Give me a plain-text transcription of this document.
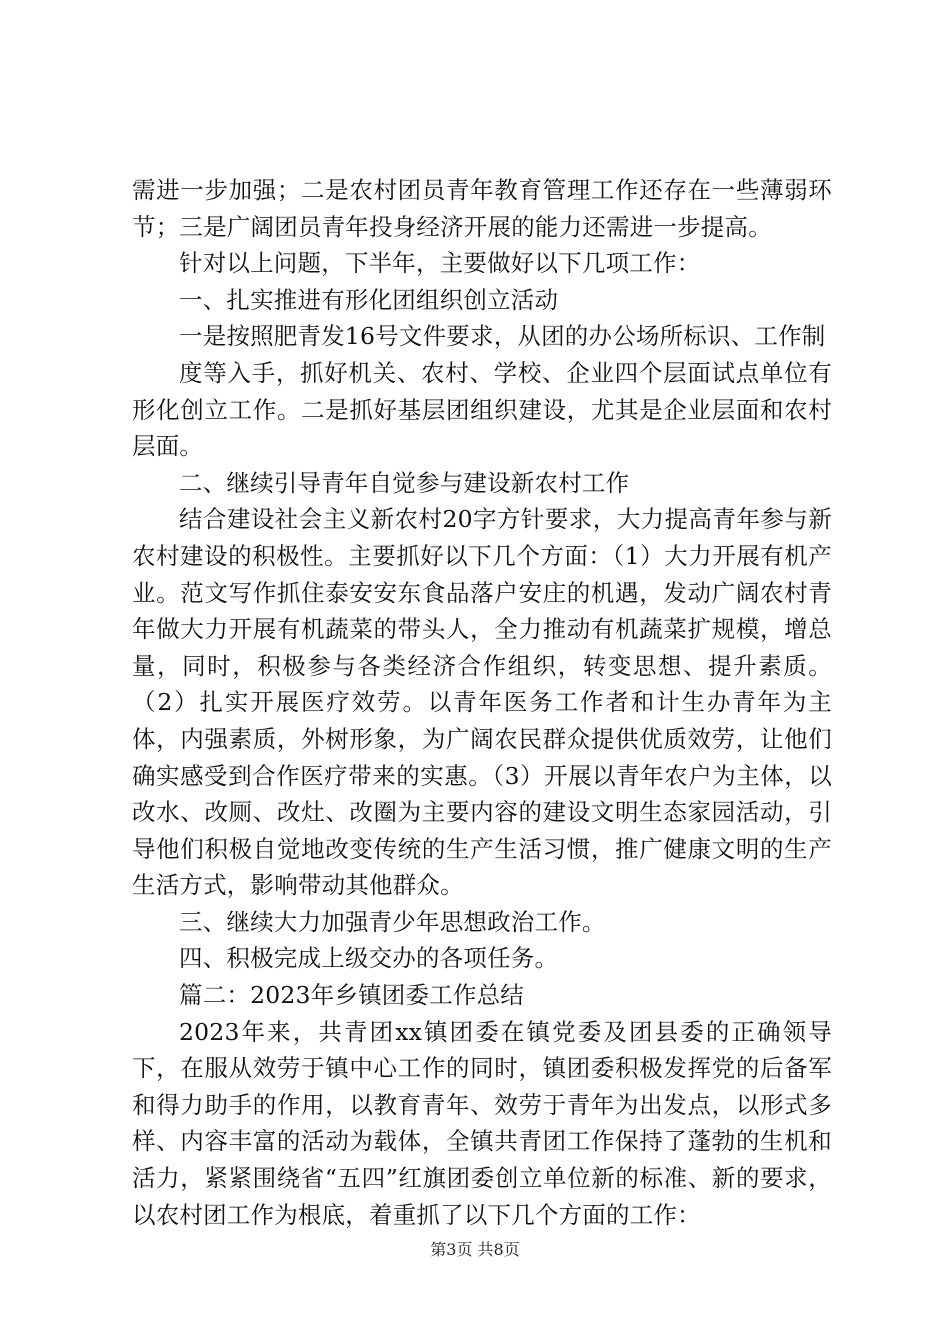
需进一步加强；二是农村团员青年教育管理工作还存在一些薄弱环节；三是广阔团员青年投身经济开展的能力还需进一步提高。

针对以上问题，下半年，主要做好以下几项工作：

一、扎实推进有形化团组织创立活动

一是按照肥青发16号文件要求，从团的办公场所标识、工作制

度等入手，抓好机关、农村、学校、企业四个层面试点单位有形化创立工作。二是抓好基层团组织建设，尤其是企业层面和农村层面。

二、继续引导青年自觉参与建设新农村工作

结合建设社会主义新农村20字方针要求，大力提高青年参与新农村建设的积极性。主要抓好以下几个方面：（1）大力开展有机产业。范文写作抓住泰安安东食品落户安庄的机遇，发动广阔农村青年做大力开展有机蔬菜的带头人，全力推动有机蔬菜扩规模，增总量，同时，积极参与各类经济合作组织，转变思想、提升素质。（2）扎实开展医疗效劳。以青年医务工作者和计生办青年为主体，内强素质，外树形象，为广阔农民群众提供优质效劳，让他们确实感受到合作医疗带来的实惠。（3）开展以青年农户为主体，以改水、改厕、改灶、改圈为主要内容的建设文明生态家园活动，引导他们积极自觉地改变传统的生产生活习惯，推广健康文明的生产生活方式，影响带动其他群众。

三、继续大力加强青少年思想政治工作。

四、积极完成上级交办的各项任务。

篇二：2023年乡镇团委工作总结

2023年来，共青团xx镇团委在镇党委及团县委的正确领导下，在服从效劳于镇中心工作的同时，镇团委积极发挥党的后备军和得力助手的作用，以教育青年、效劳于青年为出发点，以形式多样、内容丰富的活动为载体，全镇共青团工作保持了蓬勃的生机和活力，紧紧围绕省“五四”红旗团委创立单位新的标准、新的要求，以农村团工作为根底，着重抓了以下几个方面的工作：

第3页 共8页
